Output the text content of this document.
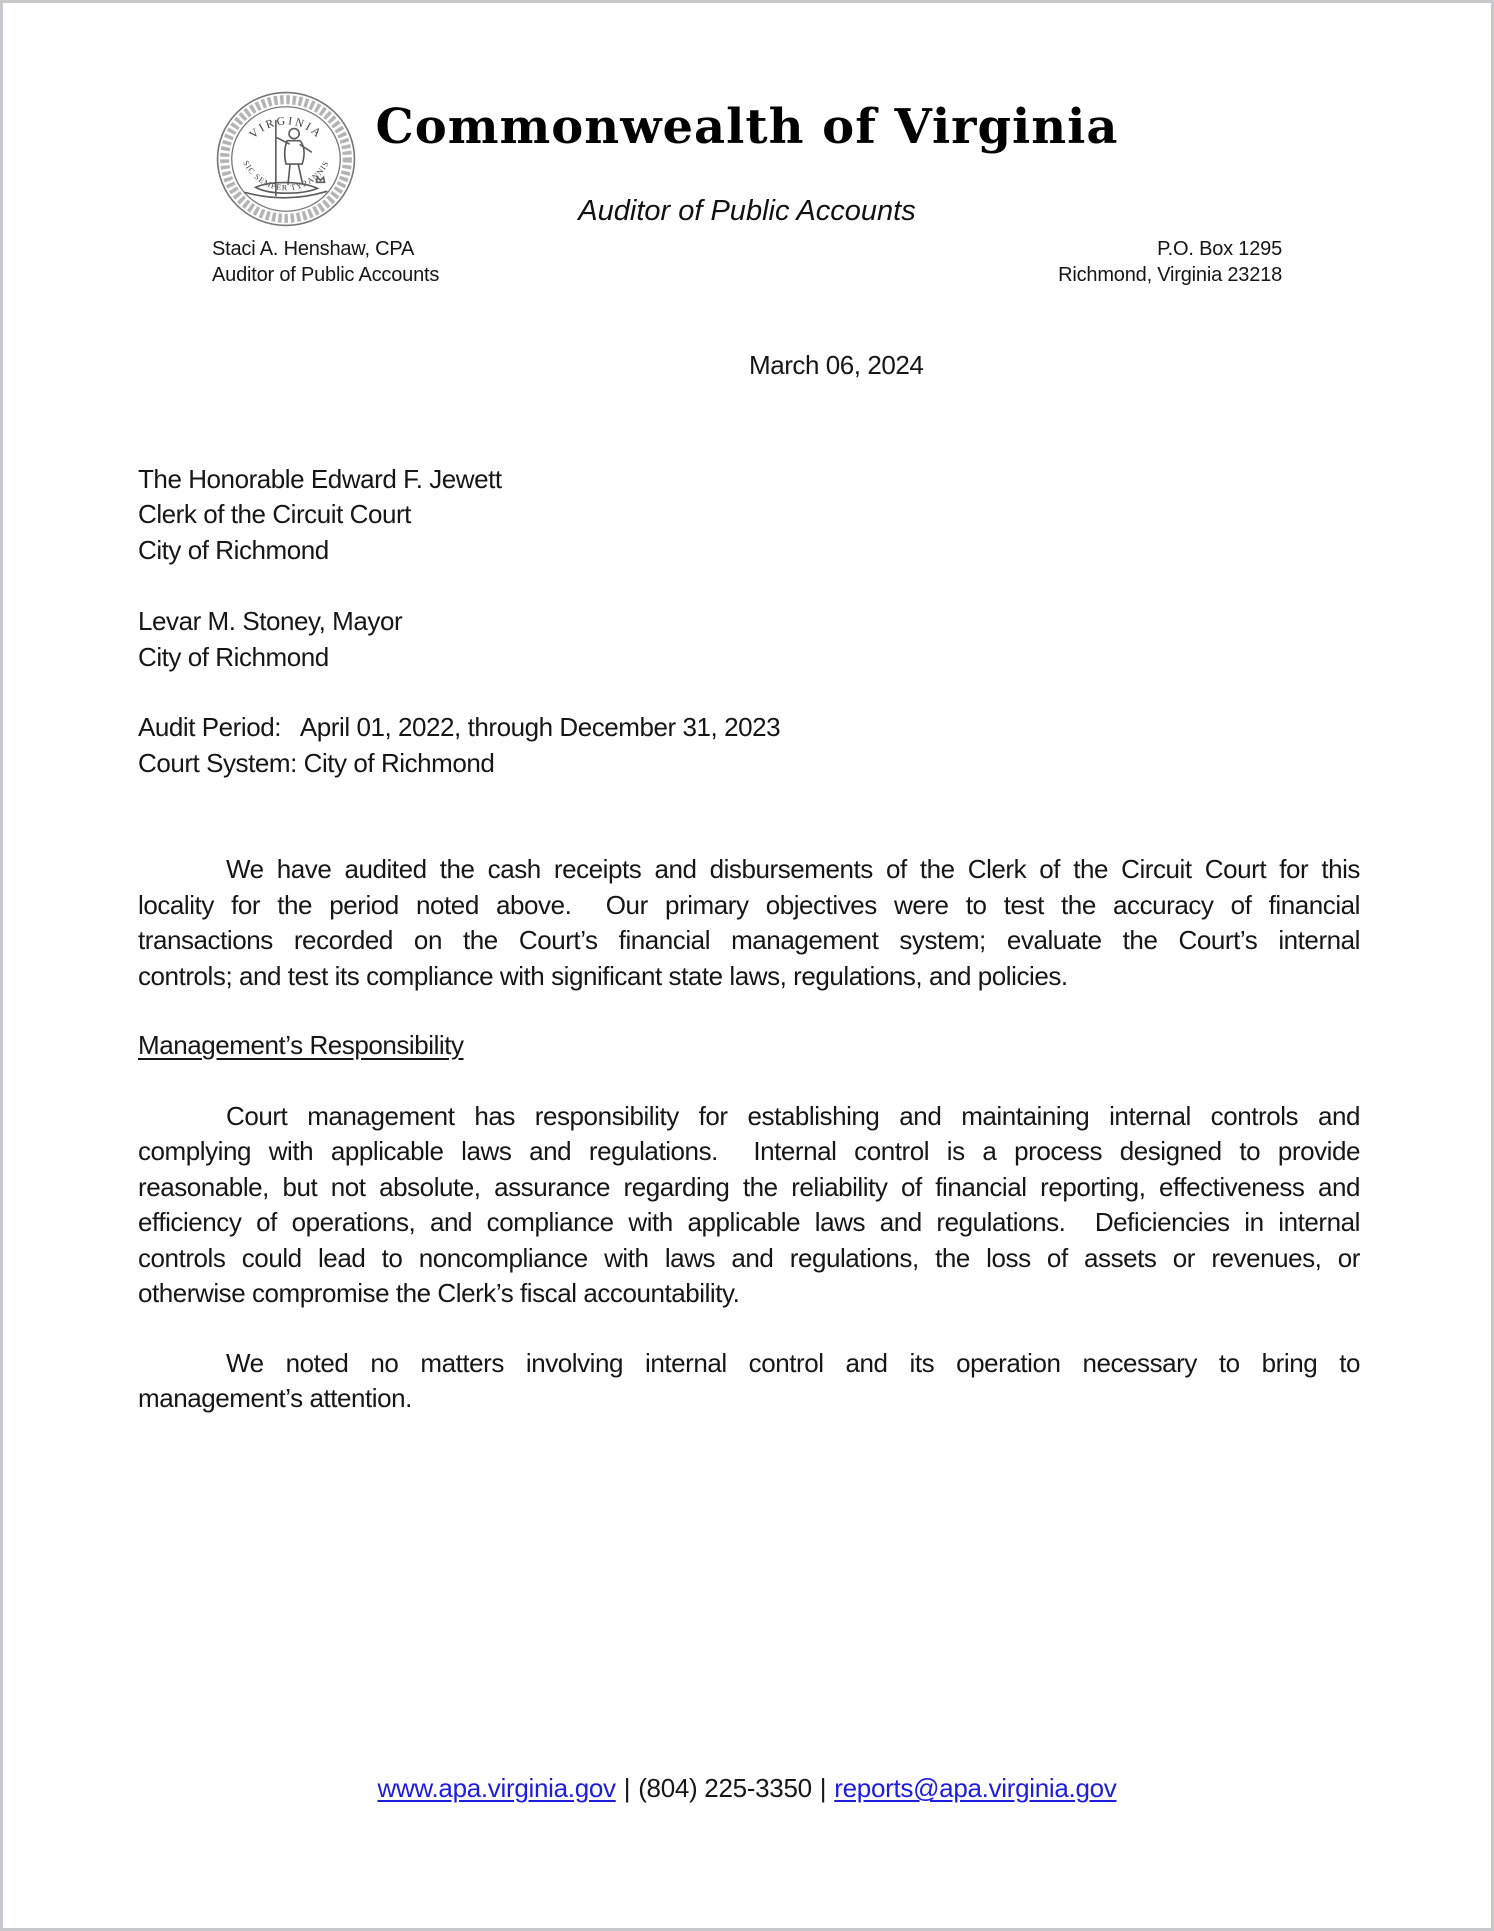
VIRGINIA
SIC SEMPER TYRANNIS
Commonwealth of Virginia
Auditor of Public Accounts
Staci A. Henshaw, CPA
Auditor of Public Accounts
P.O. Box 1295
Richmond, Virginia 23218
March 06, 2024
The Honorable Edward F. Jewett
Clerk of the Circuit Court
City of Richmond
Levar M. Stoney, Mayor
City of Richmond
Audit Period:   April 01, 2022, through December 31, 2023
Court System: City of Richmond
We have audited the cash receipts and disbursements of the Clerk of the Circuit Court for this
locality for the period noted above.  Our primary objectives were to test the accuracy of financial
transactions recorded on the Court’s financial management system; evaluate the Court’s internal
controls; and test its compliance with significant state laws, regulations, and policies.
Management’s Responsibility
Court management has responsibility for establishing and maintaining internal controls and
complying with applicable laws and regulations.  Internal control is a process designed to provide
reasonable, but not absolute, assurance regarding the reliability of financial reporting, effectiveness and
efficiency of operations, and compliance with applicable laws and regulations.  Deficiencies in internal
controls could lead to noncompliance with laws and regulations, the loss of assets or revenues, or
otherwise compromise the Clerk’s fiscal accountability.
We noted no matters involving internal control and its operation necessary to bring to
management’s attention.
www.apa.virginia.gov | (804) 225-3350 | reports@apa.virginia.gov
